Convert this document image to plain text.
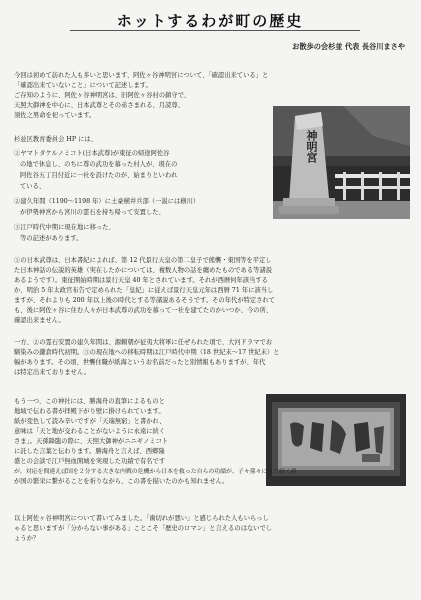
ホットするわが町の歴史
お散歩の会杉並 代表 長谷川まさや
今回は初めて訪れた人も多いと思います、阿佐ヶ谷神明宮について、「確認出来ている」と
「確認出来ていないこと」について記述します。
ご存知のように、阿佐ヶ谷神明宮は、旧阿佐ヶ谷村の鎮守で、
天照大御神を中心に、日本武尊とその弟さまれる、月読尊、
須佐之男命を祀っています。
杉並区教育委員会 HP には、
①ヤマトタケルノミコト(日本武尊)が東征の帰途阿佐谷
の地で休息し、のちに尊の武功を慕った村人が、現在の
阿佐谷五丁目付近に一社を設けたのが、始まりといわれ
ている、
②建久年間（1190～1198 年）に土豪横井兵部（一説には横川）
が伊勢神宮から宮川の霊石を持ち帰って安置した、
③江戸時代中期に現在地に移った、
等の記述があります。
神明宮
①の日本武尊は、日本書紀によれば、第 12 代景行天皇の第二皇子で熊襲・東国等を平定し
た日本神話の伝説的英雄（実在したかについては、複数人物の話を纏めたものである等諸説
あるようです）。東征開始時期は景行天皇 40 年とされています。それが西暦何年該当する
か、明治 5 年太政官布告で定められた「皇紀」に従えば景行天皇元年は西暦 71 年に該当し
ますが、それよりも 200 年以上後の時代とする等諸説あるそうです。その年代が特定されて
も、後に阿佐ヶ谷に住む人々が日本武尊の武功を慕って一社を建てたのかいつか、今の所、
確認出来ません。
一方、②の霊石安置の建久年間は、源頼朝が征夷大将軍に任ぜられた頃で、大河ドラマでお
馴染みの鎌倉時代初期。③の現在地への移転時期は江戸時代中期（18 世紀末～17 世紀末）と
幅があります。その頃、世襲住職が紙海というお名前だったと別情報もありますが、年代
は特定出来ておりません。
もう一つ、この神社には、勝海舟の直筆によるものと
地域で伝わる書が拝殿下がり壁に掛けられています。
紙が変色して読み辛いですが「天瑞無窮」と書かれ、
意味は「天と地が交わることがないように永遠に続く
さま」。天孫降臨の際に、天照大御神がニニギノミコト
に託した言葉と伝わります。勝海舟と言えば、西郷隆
盛との会談で江戸無血開城を実現した功績で有名です
が、対応を間違えば国を２分する大きな内戦の危機から日本を救った自らの功績が、子々孫々にまで続く我
が国の繁栄に繋がることを祈りながら、この書を描いたのかも知れません。
以上阿佐ヶ谷神明宮について書いてみました。「歯切れが悪い」と感じられた人もいらっし
ゃると思いますが「分からない事がある」ことこそ「歴史のロマン」と言えるのはないでし
ょうか？
